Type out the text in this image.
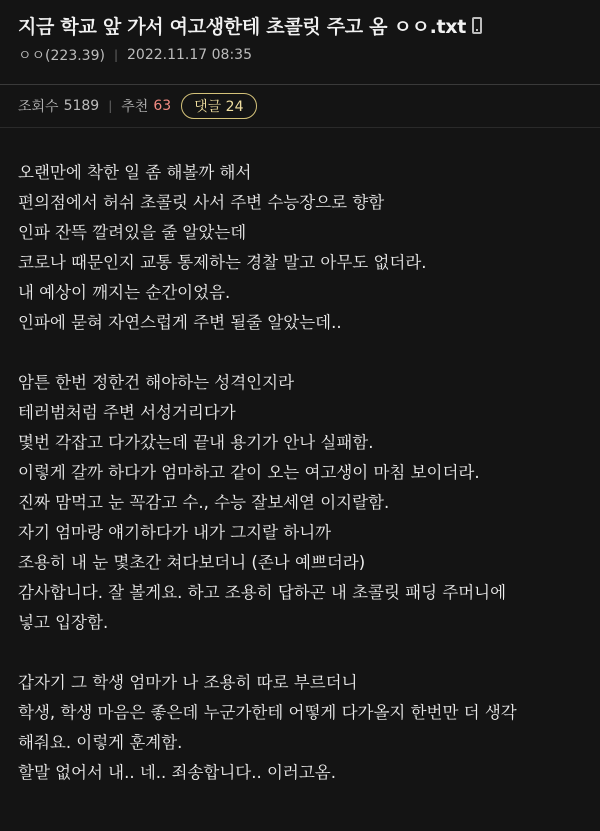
지금 학교 앞 가서 여고생한테 초콜릿 주고 옴 ㅇㅇ.txt
ㅇㅇ(223.39) | 2022.11.17 08:35
조회수 5189 | 추천 63	댓글 24
오랜만에 착한 일 좀 해볼까 해서
편의점에서 허쉬 초콜릿 사서 주변 수능장으로 향함
인파 잔뜩 깔려있을 줄 알았는데
코로나 때문인지 교통 통제하는 경찰 말고 아무도 없더라.
내 예상이 깨지는 순간이었음.
인파에 묻혀 자연스럽게 주변 될줄 알았는데..
암튼 한번 정한건 해야하는 성격인지라
테러범처럼 주변 서성거리다가
몇번 각잡고 다가갔는데 끝내 용기가 안나 실패함.
이렇게 갈까 하다가 엄마하고 같이 오는 여고생이 마침 보이더라.
진짜 맘먹고 눈 꼭감고 수., 수능 잘보세엳 이지랄함.
자기 엄마랑 얘기하다가 내가 그지랄 하니까
조용히 내 눈 몇초간 쳐다보더니 (존나 예쁘더라)
감사합니다. 잘 볼게요. 하고 조용히 답하곤 내 초콜릿 패딩 주머니에
넣고 입장함.
갑자기 그 학생 엄마가 나 조용히 따로 부르더니
학생, 학생 마음은 좋은데 누군가한테 어떻게 다가올지 한번만 더 생각
해줘요. 이렇게 훈계함.
할말 없어서 내.. 네.. 죄송합니다.. 이러고옴.
